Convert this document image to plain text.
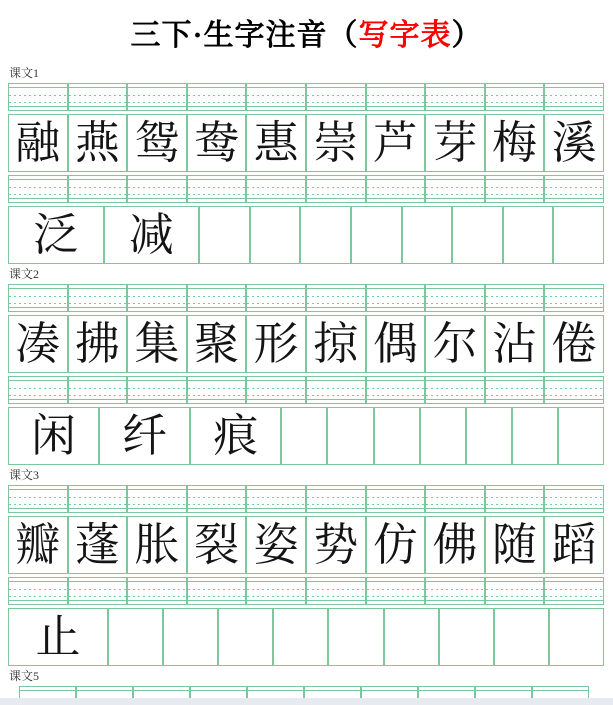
三下·生字注音（写字表）
课文1
融 燕 鸳 鸯 惠 崇 芦 芽 梅 溪
泛	减
课文2
凑 拂 集 聚 形 掠 偶 尔 沾 倦
闲	纤	痕
课文3
瓣 蓬 胀 裂 姿 势 仿 佛 随 蹈
止
课文5
